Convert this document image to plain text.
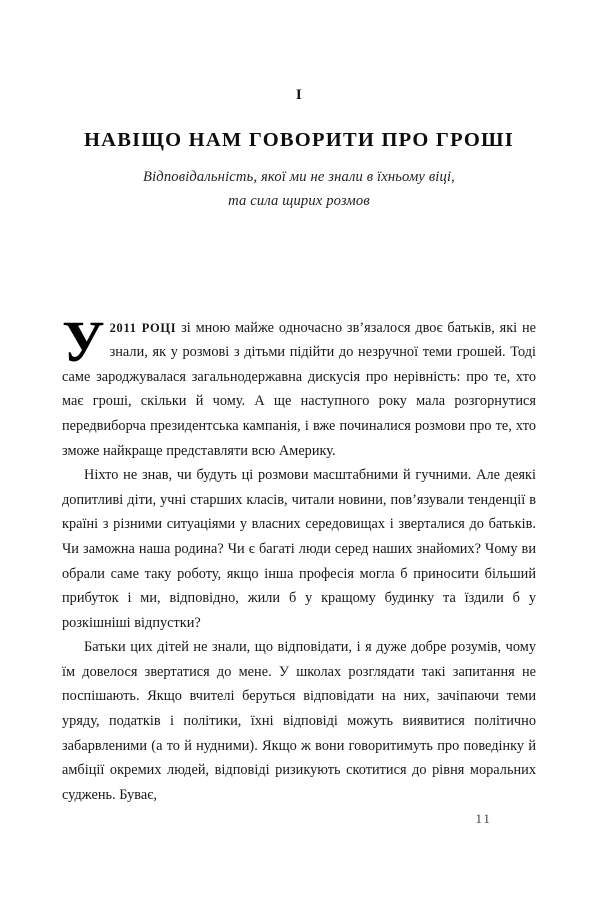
I
НАВІЩО НАМ ГОВОРИТИ ПРО ГРОШІ
Відповідальність, якої ми не знали в їхньому віці,
та сила щирих розмов

У 2011 РОЦІ зі мною майже одночасно зв’язалося двоє батьків, які не знали, як у розмові з дітьми підійти до незручної теми грошей. Тоді саме зароджувалася загальнодержавна дискусія про нерівність: про те, хто має гроші, скільки й чому. А ще наступного року мала розгорнутися передвиборча президентська кампанія, і вже починалися розмови про те, хто зможе найкраще представляти всю Америку.

Ніхто не знав, чи будуть ці розмови масштабними й гучними. Але деякі допитливі діти, учні старших класів, читали новини, пов’язували тенденції в країні з різними ситуаціями у власних середовищах і зверталися до батьків. Чи заможна наша родина? Чи є багаті люди серед наших знайомих? Чому ви обрали саме таку роботу, якщо інша професія могла б приносити більший прибуток і ми, відповідно, жили б у кращому будинку та їздили б у розкішніші відпустки?

Батьки цих дітей не знали, що відповідати, і я дуже добре розумів, чому їм довелося звертатися до мене. У школах розглядати такі запитання не поспішають. Якщо вчителі беруться відповідати на них, зачіпаючи теми уряду, податків і політики, їхні відповіді можуть виявитися політично забарвленими (а то й нудними). Якщо ж вони говоритимуть про поведінку й амбіції окремих людей, відповіді ризикують скотитися до рівня моральних суджень. Буває,

11
